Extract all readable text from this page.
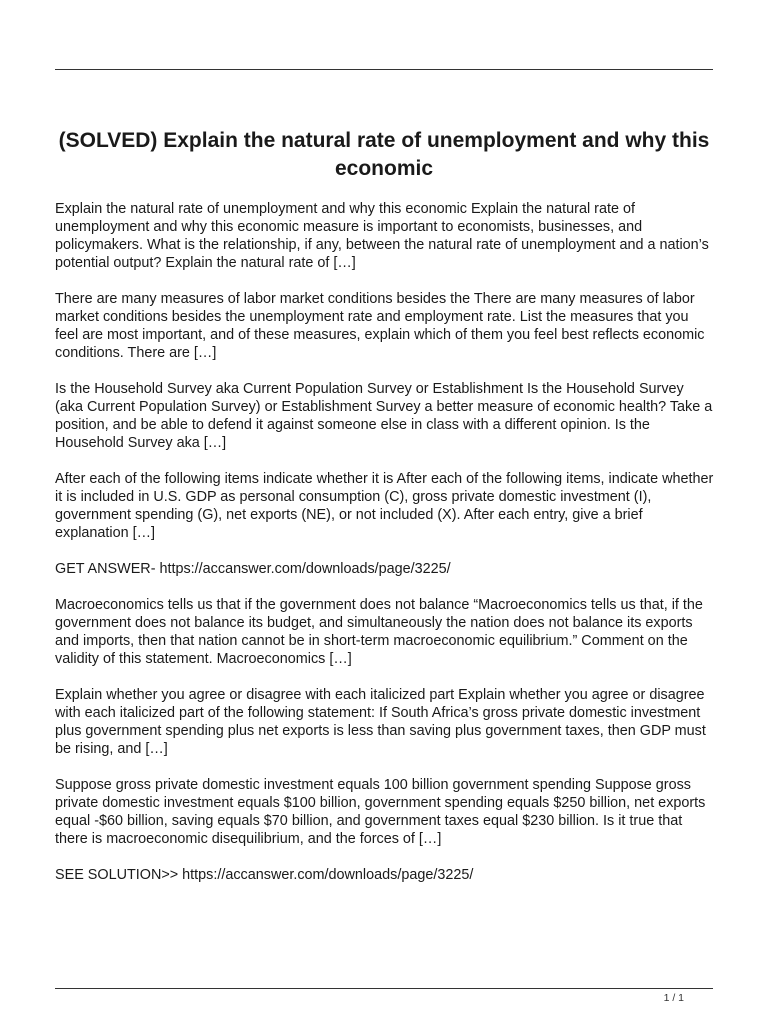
(SOLVED) Explain the natural rate of unemployment and why this economic

Explain the natural rate of unemployment and why this economic Explain the natural rate of unemployment and why this economic measure is important to economists, businesses, and policymakers. What is the relationship, if any, between the natural rate of unemployment and a nation’s potential output? Explain the natural rate of […]

There are many measures of labor market conditions besides the There are many measures of labor market conditions besides the unemployment rate and employment rate. List the measures that you feel are most important, and of these measures, explain which of them you feel best reflects economic conditions. There are […]

Is the Household Survey aka Current Population Survey or Establishment Is the Household Survey (aka Current Population Survey) or Establishment Survey a better measure of economic health? Take a position, and be able to defend it against someone else in class with a different opinion. Is the Household Survey aka […]

After each of the following items indicate whether it is After each of the following items, indicate whether it is included in U.S. GDP as personal consumption (C), gross private domestic investment (I), government spending (G), net exports (NE), or not included (X). After each entry, give a brief explanation […]

GET ANSWER- https://accanswer.com/downloads/page/3225/

Macroeconomics tells us that if the government does not balance “Macroeconomics tells us that, if the government does not balance its budget, and simultaneously the nation does not balance its exports and imports, then that nation cannot be in short-term macroeconomic equilibrium.” Comment on the validity of this statement. Macroeconomics […]

Explain whether you agree or disagree with each italicized part Explain whether you agree or disagree with each italicized part of the following statement: If South Africa’s gross private domestic investment plus government spending plus net exports is less than saving plus government taxes, then GDP must be rising, and […]

Suppose gross private domestic investment equals 100 billion government spending Suppose gross private domestic investment equals $100 billion, government spending equals $250 billion, net exports equal -$60 billion, saving equals $70 billion, and government taxes equal $230 billion. Is it true that there is macroeconomic disequilibrium, and the forces of […]

SEE SOLUTION>> https://accanswer.com/downloads/page/3225/

1 / 1
